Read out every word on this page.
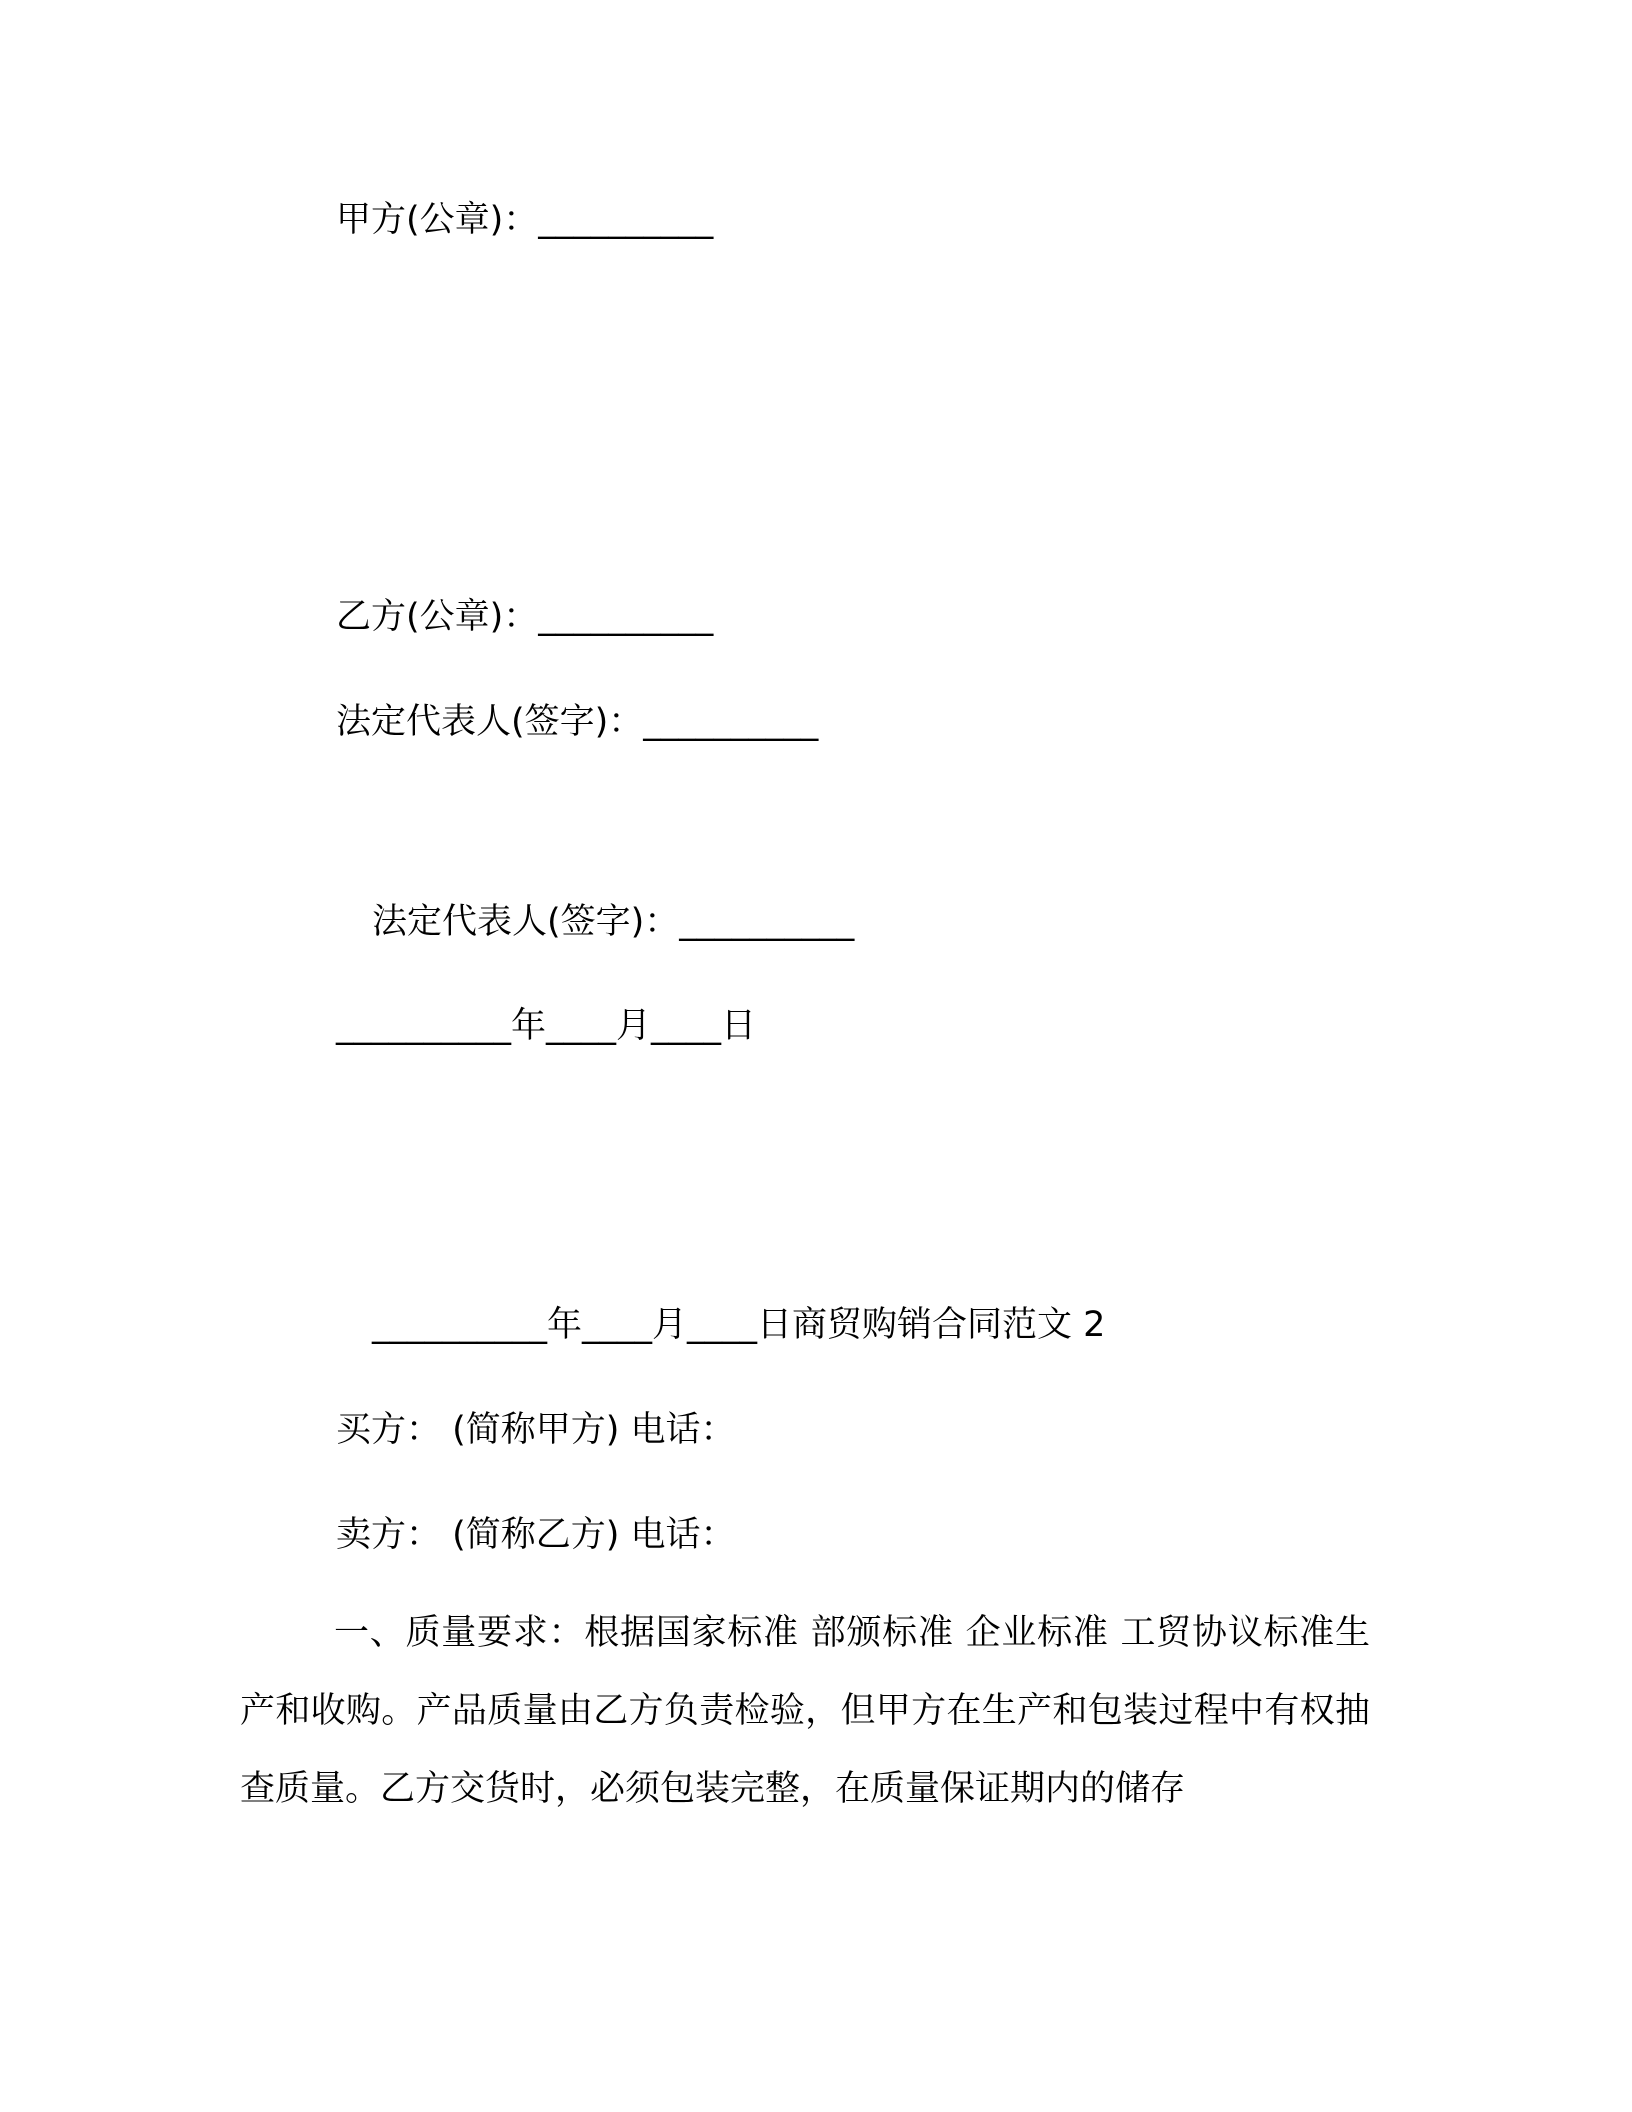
甲方(公章)：__________
乙方(公章)：__________
法定代表人(签字)：__________
法定代表人(签字)：__________
__________年____月____日
__________年____月____日商贸购销合同范文 2
买方： (简称甲方) 电话：
卖方： (简称乙方) 电话：
一、质量要求：根据国家标准 部颁标准 企业标准 工贸协议标准生产和收购。产品质量由乙方负责检验，但甲方在生产和包装过程中有权抽查质量。乙方交货时，必须包装完整，在质量保证期内的储存
